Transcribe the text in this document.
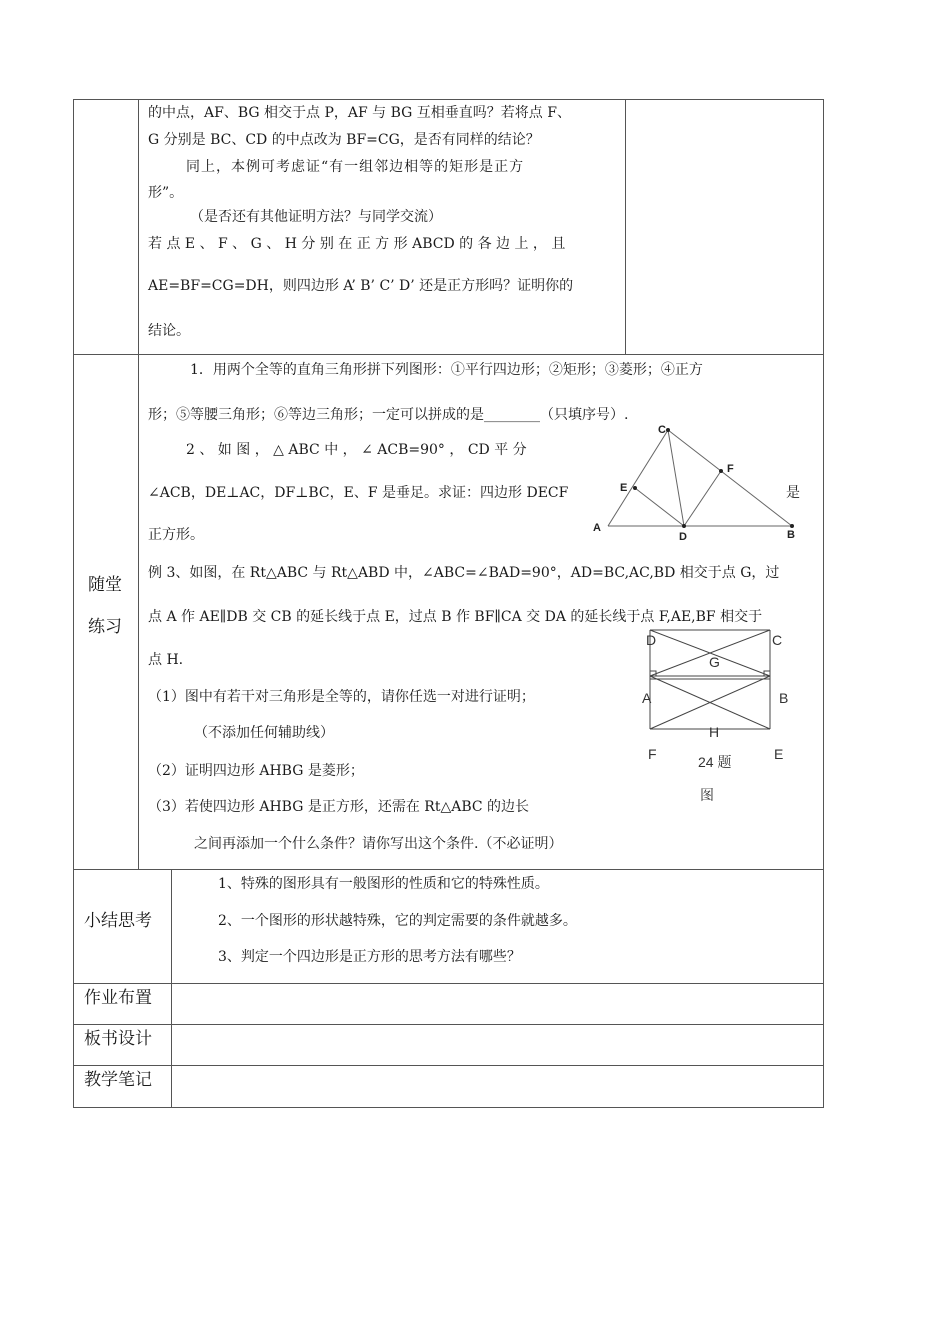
的中点，AF、BG 相交于点 P，AF 与 BG 互相垂直吗？若将点 F、
G 分别是 BC、CD 的中点改为 BF=CG，是否有同样的结论？
同上，本例可考虑证“有一组邻边相等的矩形是正方
形”。
（是否还有其他证明方法？与同学交流）
若 点 E 、 F 、 G 、 H 分 别 在 正 方 形 ABCD 的 各 边 上 ， 且
AE=BF=CG=DH，则四边形 A’ B’ C’ D’ 还是正方形吗？证明你的
结论。
随堂
练习
1．用两个全等的直角三角形拼下列图形：①平行四边形；②矩形；③菱形；④正方
形；⑤等腰三角形；⑥等边三角形；一定可以拼成的是________（只填序号）.
2 、 如 图 ， △ ABC 中 ， ∠ ACB=90° ， CD 平 分
∠ACB，DE⊥AC，DF⊥BC，E、F 是垂足。求证：四边形 DECF	是
正方形。
例 3、如图，在 Rt△ABC 与 Rt△ABD 中，∠ABC=∠BAD=90°，AD=BC,AC,BD 相交于点 G，过
点 A 作 AE∥DB 交 CB 的延长线于点 E，过点 B 作 BF∥CA 交 DA 的延长线于点 F,AE,BF 相交于
点 H.
（1）图中有若干对三角形是全等的，请你任选一对进行证明；
（不添加任何辅助线）
（2）证明四边形 AHBG 是菱形；
（3）若使四边形 AHBG 是正方形，还需在 Rt△ABC 的边长
之间再添加一个什么条件？请你写出这个条件.（不必证明）
C
E
F
A
D	B
D	C
G
A	B
H
F	E
24 题
图
小结思考
1、特殊的图形具有一般图形的性质和它的特殊性质。
2、一个图形的形状越特殊，它的判定需要的条件就越多。
3、判定一个四边形是正方形的思考方法有哪些？
作业布置
板书设计
教学笔记
